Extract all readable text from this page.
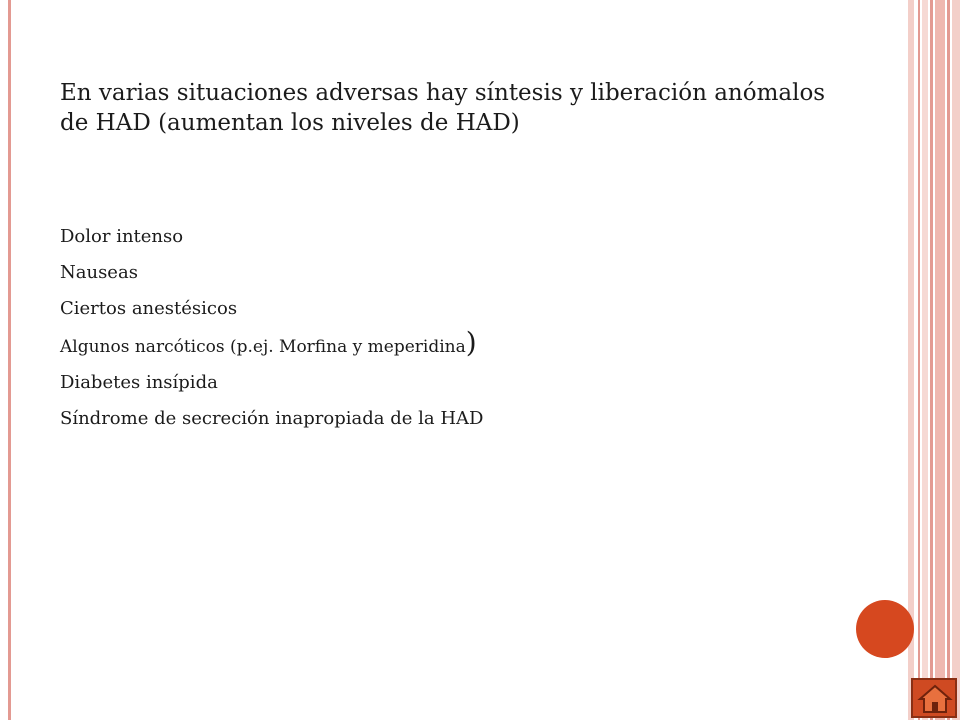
En varias situaciones adversas hay síntesis y liberación anómalos de HAD (aumentan los niveles de HAD)

Dolor intenso

Nauseas

Ciertos anestésicos

Algunos narcóticos (p.ej. Morfina y meperidina)

Diabetes insípida

Síndrome de secreción inapropiada de la HAD
